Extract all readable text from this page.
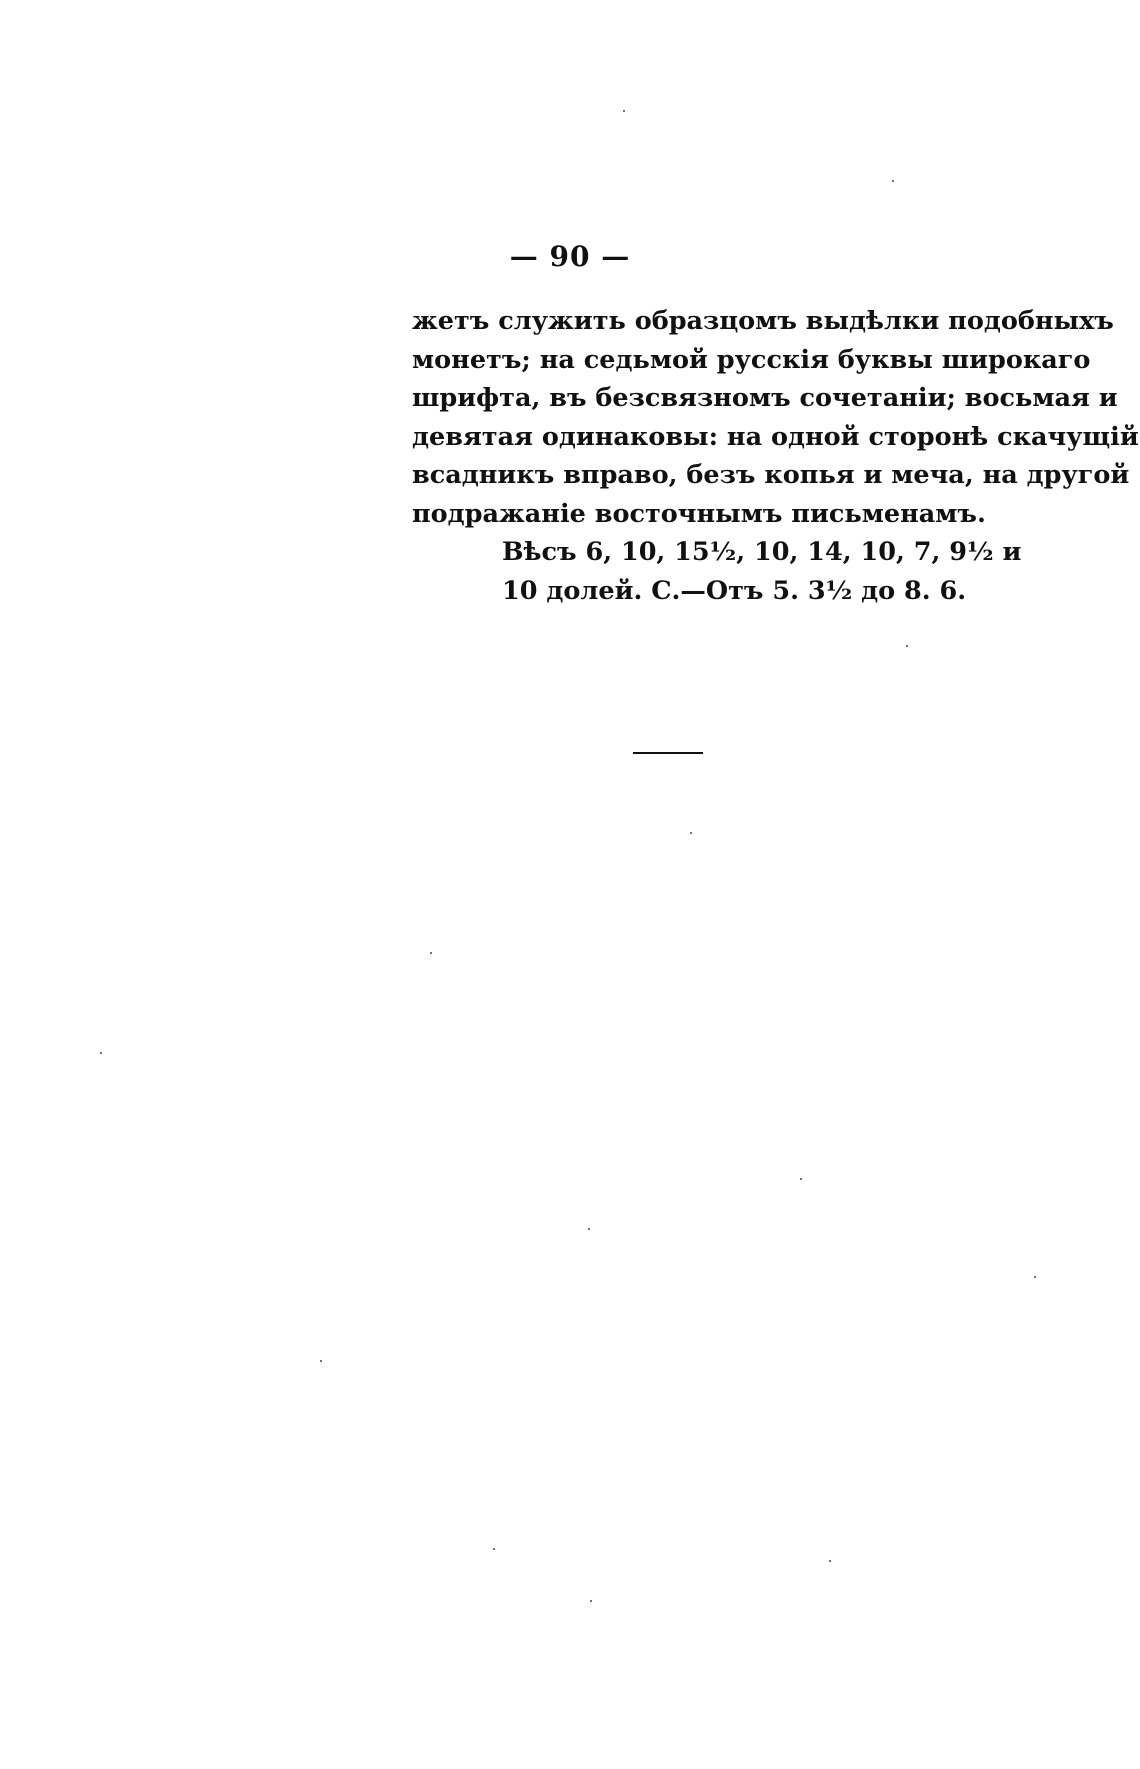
— 90 —
жетъ служить образцомъ выдѣлки подобныхъ
монетъ; на седьмой русскія буквы широкаго
шрифта, въ безсвязномъ сочетаніи; восьмая и
девятая одинаковы: на одной сторонѣ скачущій
всадникъ вправо, безъ копья и меча, на другой
подражаніе восточнымъ письменамъ.
Вѣсъ 6, 10, 15½, 10, 14, 10, 7, 9½ и
10 долей. С.—Отъ 5. 3½ до 8. 6.
